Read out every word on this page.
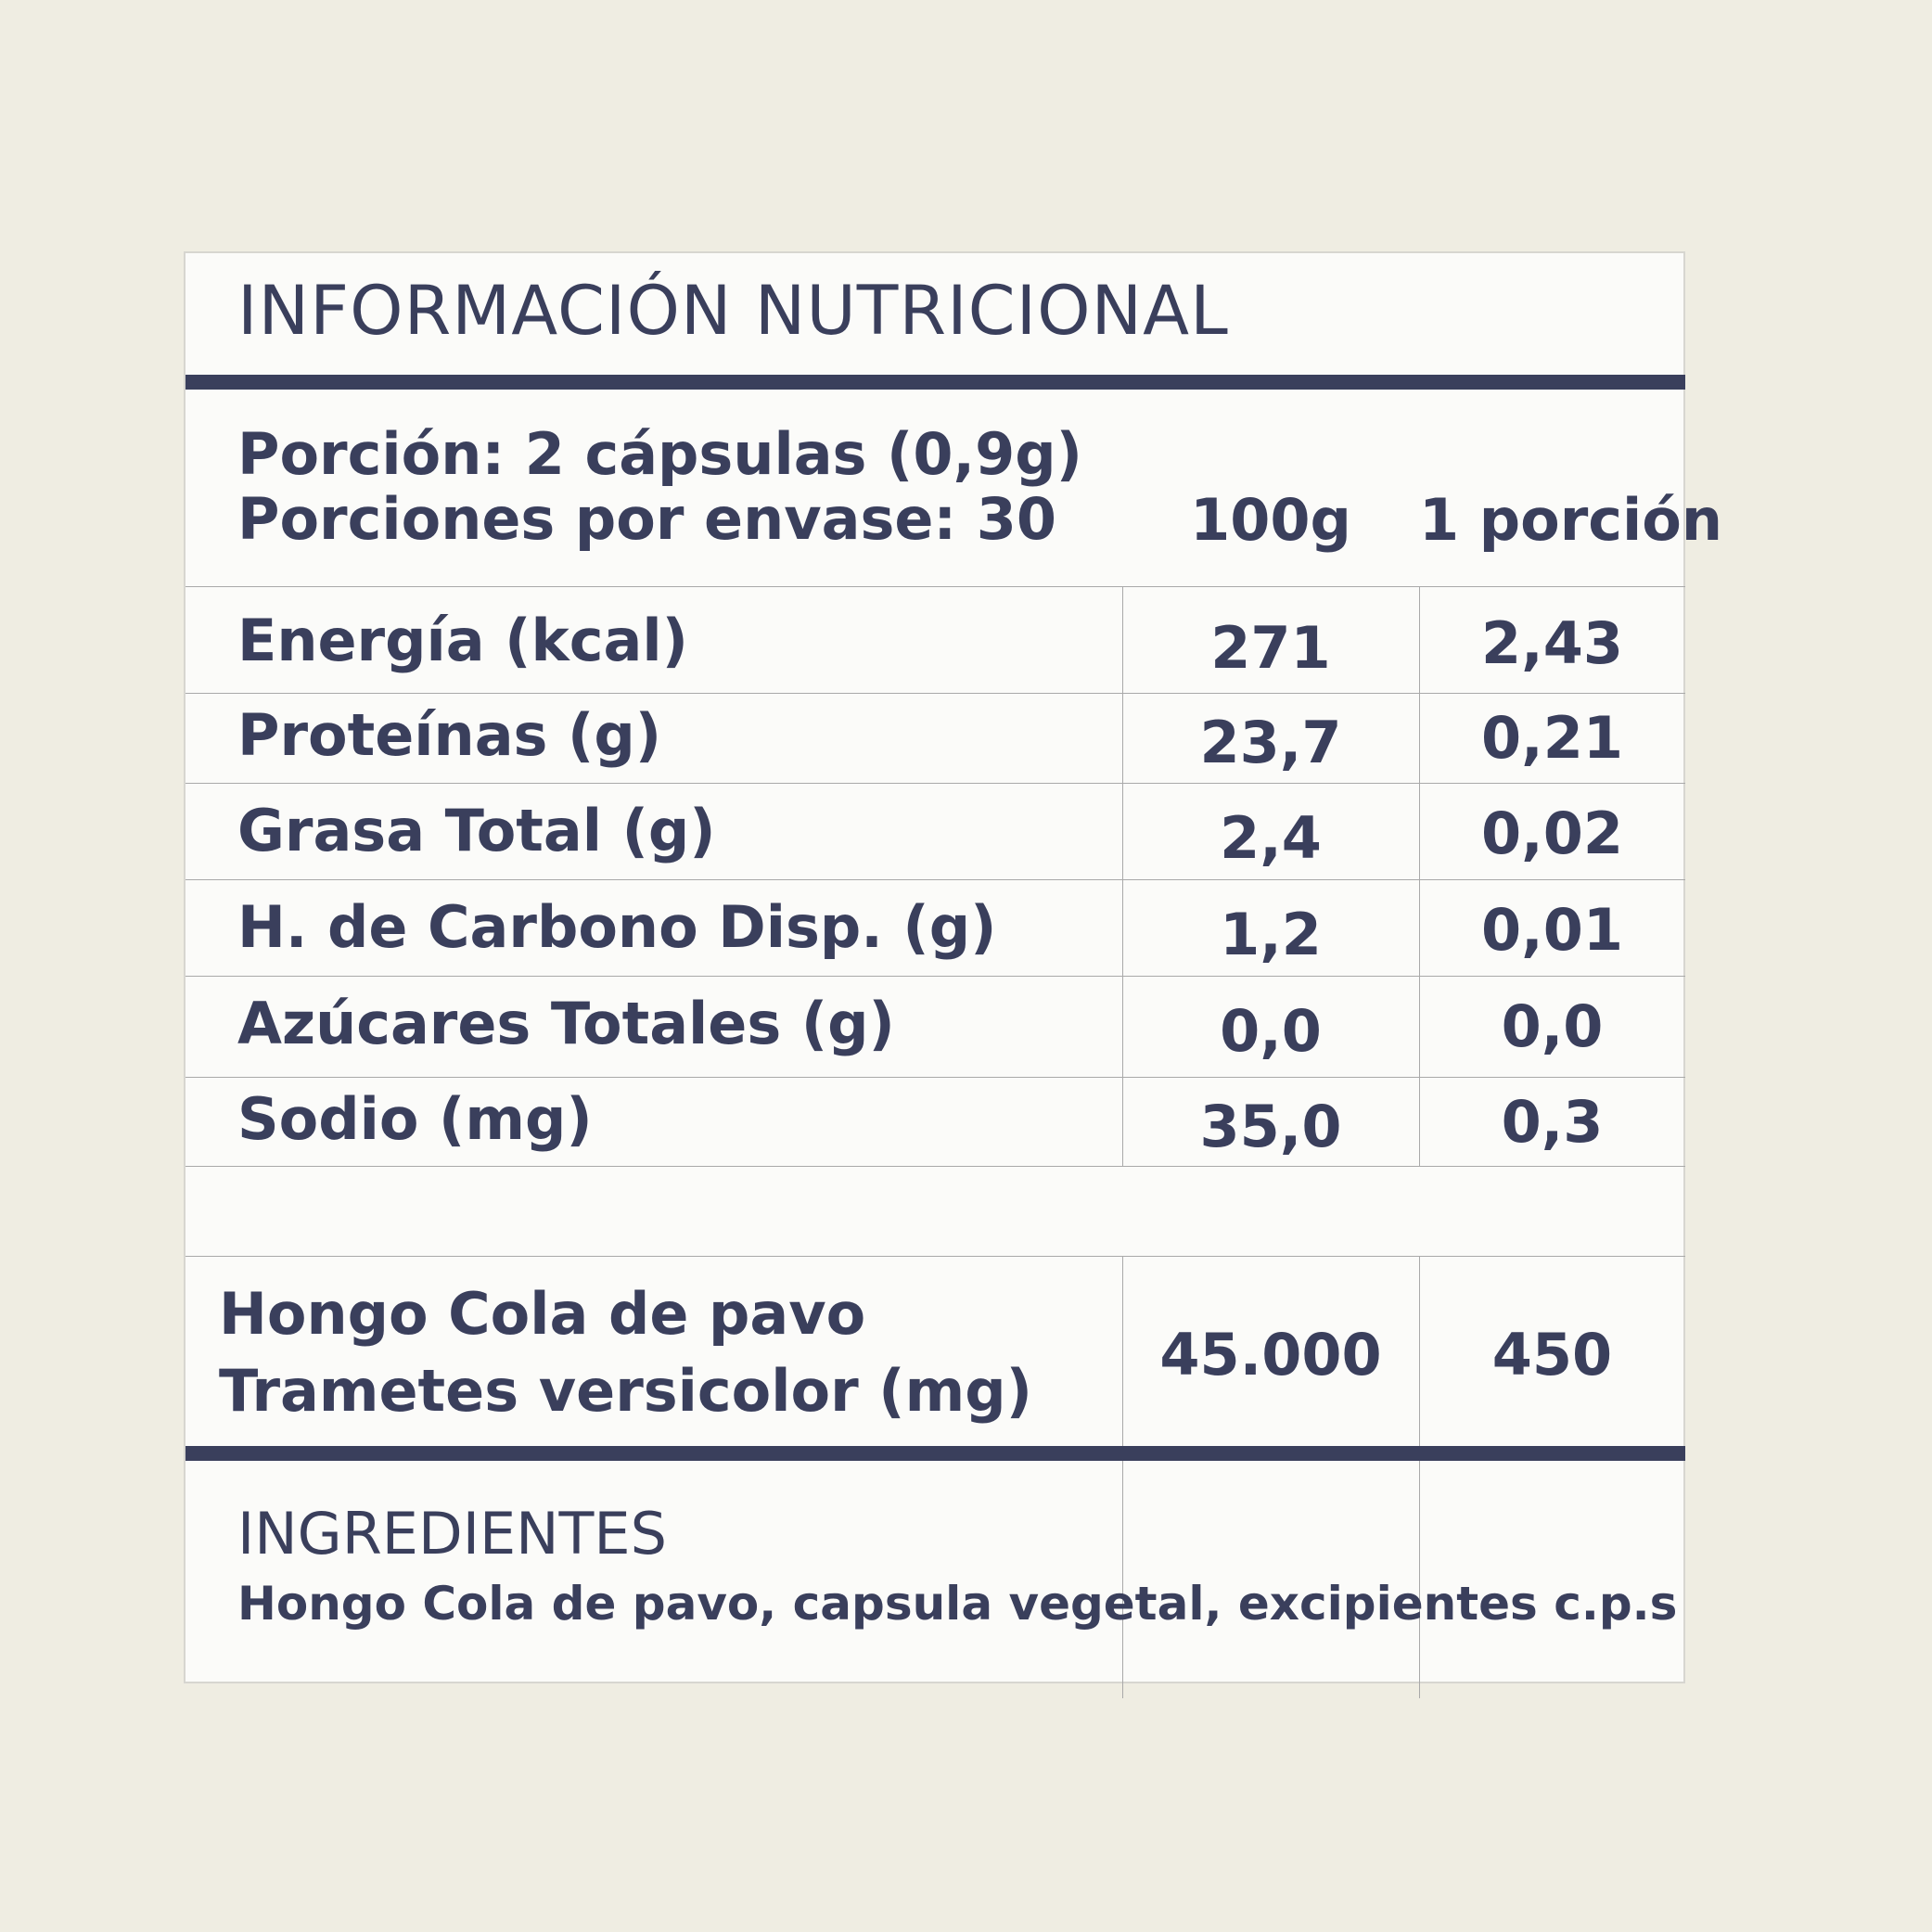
INFORMACIÓN NUTRICIONAL
Porción: 2 cápsulas (0,9g)
Porciones por envase: 30	100g	1 porción
Energía (kcal)	271	2,43
Proteínas (g)	23,7	0,21
Grasa Total (g)	2,4	0,02
H. de Carbono Disp. (g)	1,2	0,01
Azúcares Totales (g)	0,0	0,0
Sodio (mg)	35,0	0,3
Hongo Cola de pavo
Trametes versicolor (mg)
45.000	450
INGREDIENTES
Hongo Cola de pavo, capsula vegetal, excipientes c.p.s
